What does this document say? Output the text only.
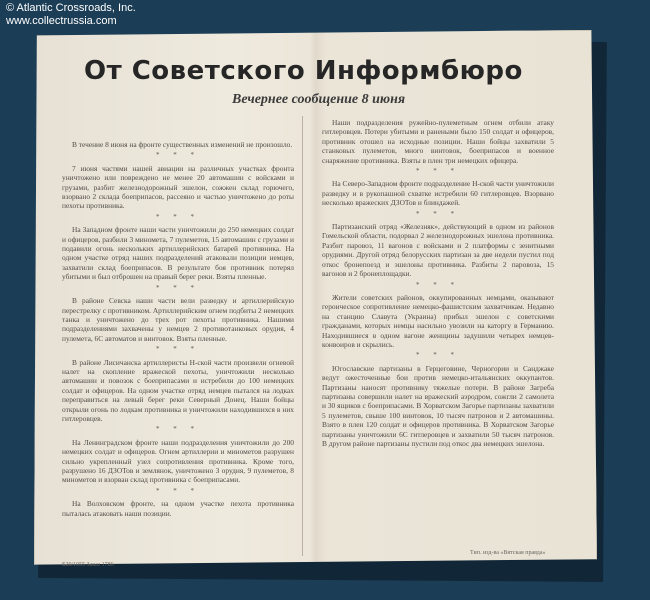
© Atlantic Crossroads, Inc.
www.collectrussia.com
От Советского Информбюро
Вечернее сообщение 8 июня

В течение 8 июня на фронте существенных изменений не произошло.

* * *

7 июня частями нашей авиации на различных участках фронта уничтожено или повреждено не менее 20 автомашин с войсками и грузами, разбит железнодорожный эшелон, сожжен склад горючего, взорвано 2 склада боеприпасов, рассеяно и частью уничтожено до роты пехоты противника.

* * *

На Западном фронте наши части уничтожили до 250 немецких солдат и офицеров, разбили 3 миномета, 7 пулеметов, 15 автомашин с грузами и подавили огонь нескольких артиллерийских батарей противника. На одном участке отряд наших подразделений атаковали позиции немцев, захватили склад боеприпасов. В результате боя противник потерял убитыми и был отброшен на правый берег реки. Взяты пленные.

* * *

В районе Севска наши части вели разведку и артиллерийскую перестрелку с противником. Артиллерийским огнем подбиты 2 немецких танка и уничтожено до трех рот пехоты противника. Нашими подразделениями захвачены у немцев 2 противотанковых орудия, 4 пулемета, 6С автоматов и винтовок. Взяты пленные.

* * *

В районе Лисичанска артиллеристы Н-ской части произвели огневой налет на скопление вражеской пехоты, уничтожили несколько автомашин и повозок с боеприпасами и истребили до 100 немецких солдат и офицеров. На одном участке отряд немцев пытался на лодках переправиться на левый берег реки Северный Донец. Наши бойцы открыли огонь по лодкам противника и уничтожили находившихся в них гитлеровцев.

* * *

На Ленинградском фронте наши подразделения уничтожили до 200 немецких солдат и офицеров. Огнем артиллерии и минометов разрушен сильно укрепленный узел сопротивления противника. Кроме того, разрушено 16 ДЗОТов и землянок, уничтожено 3 орудия, 9 пулеметов, 8 минометов и взорван склад противника с боеприпасами.

* * *

На Волховском фронте, на одном участке пехота противника пыталась атаковать наши позиции.

Наши подразделения ружейно-пулеметным огнем отбили атаку гитлеровцев. Потери убитыми и ранеными было 150 солдат и офицеров, противник отошел на исходные позиции. Наши бойцы захватили 5 станковых пулеметов, много винтовок, боеприпасов и военное снаряжение противника. Взяты в плен три немецких офицера.

* * *

На Северо-Западном фронте подразделение Н-ской части уничтожили разведку и в рукопашной схватке истребили 60 гитлеровцев. Взорвано несколько вражеских ДЗОТов и блиндажей.

* * *

Партизанский отряд «Железняк», действующий в одном из районов Гомельской области, подорвал 2 железнодорожных эшелона противника. Разбит паровоз, 11 вагонов с войсками и 2 платформы с зенитными орудиями. Другой отряд белорусских партизан за две недели пустил под откос бронепоезд и эшелоны противника. Разбиты 2 паровоза, 15 вагонов и 2 бронеплощадки.

* * *

Жители советских районов, оккупированных немцами, оказывают героическое сопротивление немецко-фашистским захватчикам. Недавно на станцию Славута (Украина) прибыл эшелон с советскими гражданами, которых немцы насильно увозили на каторгу в Германию. Находившиеся в одном вагоне женщины задушили четырех немцев-конвоиров и скрылись.

* * *

Югославские партизаны в Герцеговине, Черногории и Санджаке ведут ожесточенные бои против немецко-итальянских оккупантов. Партизаны наносят противнику тяжелые потери. В районе Загреба партизаны совершили налет на вражеский аэродром, сожгли 2 самолета и 30 ящиков с боеприпасами. В Хорватском Загорье партизаны захватили 5 пулеметов, свыше 100 винтовок, 10 тысяч патронов и 2 автомашины. Взято в плен 120 солдат и офицеров противника. В Хорватском Загорье партизаны уничтожили 6С гитлеровцев и захватили 50 тысяч патронов. В другом районе партизаны пустили под откос два немецких эшелона.

Б20/1055 Заказ 1786
Тип. изд-ва «Вятская правда»
